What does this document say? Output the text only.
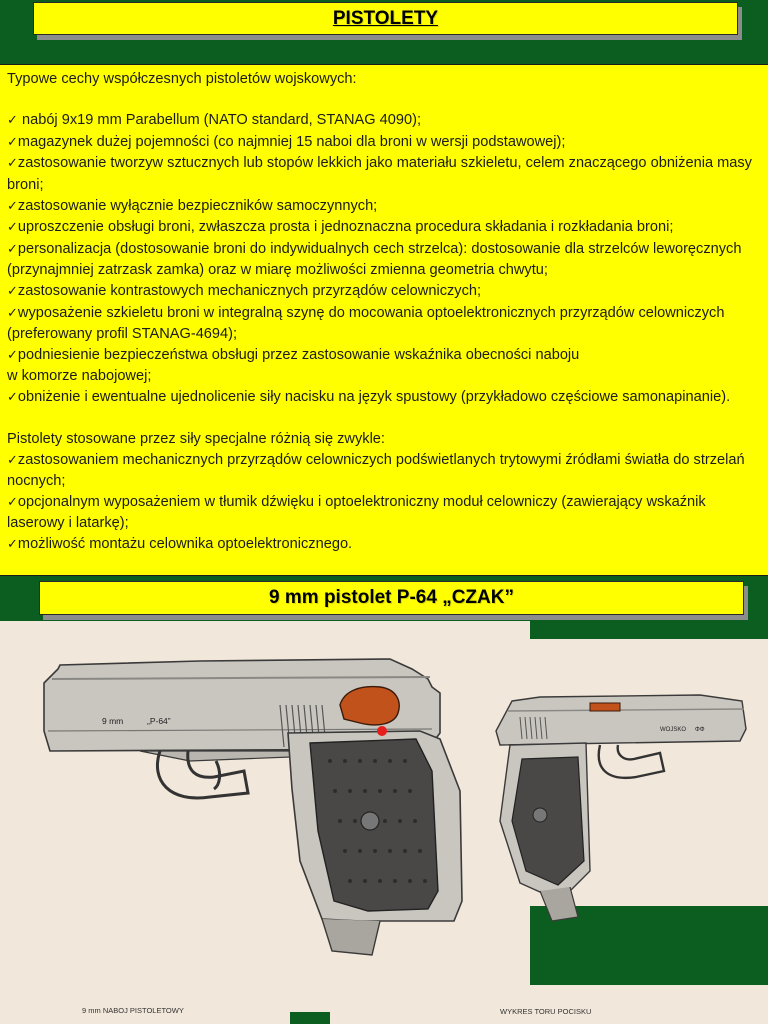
PISTOLETY

Typowe cechy współczesnych pistoletów wojskowych:

✓ nabój 9x19 mm Parabellum (NATO standard, STANAG 4090);

✓magazynek dużej pojemności (co najmniej 15 naboi dla broni w wersji podstawowej);

✓zastosowanie tworzyw sztucznych lub stopów lekkich jako materiału szkieletu, celem znaczącego obniżenia masy broni;

✓zastosowanie wyłącznie bezpieczników samoczynnych;

✓uproszczenie obsługi broni, zwłaszcza prosta i jednoznaczna procedura składania i rozkładania broni;

✓personalizacja (dostosowanie broni do indywidualnych cech strzelca): dostosowanie dla strzelców leworęcznych (przynajmniej zatrzask zamka) oraz w miarę możliwości zmienna geometria chwytu;

✓zastosowanie kontrastowych mechanicznych przyrządów celowniczych;

✓wyposażenie szkieletu broni w integralną szynę do mocowania optoelektronicznych przyrządów celowniczych (preferowany profil STANAG-4694);

✓podniesienie bezpieczeństwa obsługi przez zastosowanie wskaźnika obecności naboju

w komorze nabojowej;

✓obniżenie i ewentualne ujednolicenie siły nacisku na język spustowy (przykładowo częściowe samonapinanie).

Pistolety stosowane przez siły specjalne różnią się zwykle:

✓zastosowaniem mechanicznych przyrządów celowniczych podświetlanych trytowymi źródłami światła do strzelań nocnych;

✓opcjonalnym wyposażeniem w tłumik dźwięku i optoelektroniczny moduł celowniczy (zawierający wskaźnik laserowy i latarkę);

✓możliwość montażu celownika optoelektronicznego.

9 mm pistolet P-64 „CZAK”
9 mm	„P-64”
WOJSKO ΦΦ
9 mm NABOJ PISTOLETOWY	WYKRES TORU POCISKU
